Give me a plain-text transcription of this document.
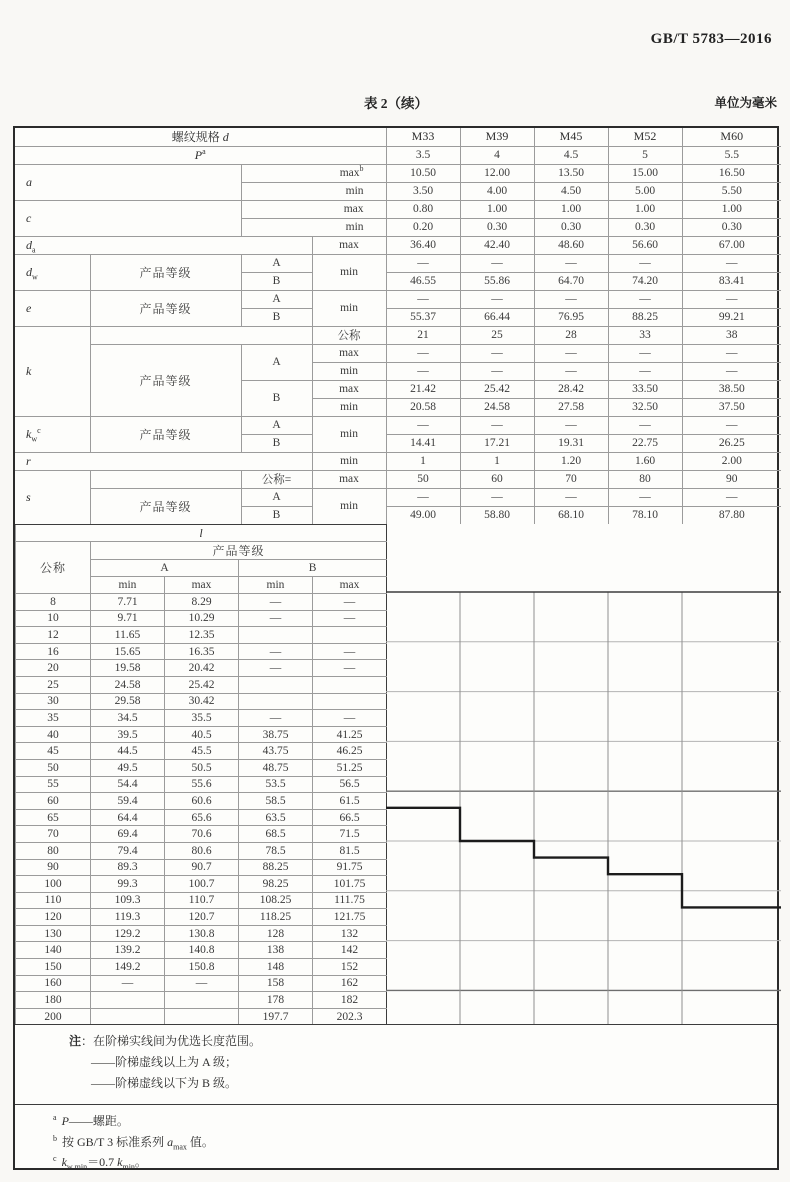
GB/T 5783—2016
表 2（续）	单位为毫米
螺纹规格 d				M33	M39	M45	M52	M60
$P^a$				3.5	4	4.5	5	5.5
a		$\max^b$		10.50	12.00	13.50	15.00	16.50
		min		3.50	4.00	4.50	5.00	5.50
c		max		0.80	1.00	1.00	1.00	1.00
		min		0.20	0.30	0.30	0.30	0.30
$d_a$			max	36.40	42.40	48.60	56.60	67.00
$d_w$	产品等级	A	min	—	—	—	—	—
		B		46.55	55.86	64.70	74.20	83.41
e	产品等级	A	min	—	—	—	—	—
		B		55.37	66.44	76.95	88.25	99.21
k			公称	21	25	28	33	38
	产品等级	A	max	—	—	—	—	—
			min	—	—	—	—	—
		B	max	21.42	25.42	28.42	33.50	38.50
			min	20.58	24.58	27.58	32.50	37.50
$k_w^c$	产品等级	A	min	—	—	—	—	—
		B		14.41	17.21	19.31	22.75	26.25
r			min	1	1	1.20	1.60	2.00
s		公称=	max	50	60	70	80	90
	产品等级	A	min	—	—	—	—	—
		B		49.00	58.80	68.10	78.10	87.80
l				
公称	产品等级			
	A		B	
	min	max	min	max
8	7.71	8.29	—	—
10	9.71	10.29	—	—
12	11.65	12.35		
16	15.65	16.35	—	—
20	19.58	20.42	—	—
25	24.58	25.42		
30	29.58	30.42		
35	34.5	35.5	—	—
40	39.5	40.5	38.75	41.25
45	44.5	45.5	43.75	46.25
50	49.5	50.5	48.75	51.25
55	54.4	55.6	53.5	56.5
60	59.4	60.6	58.5	61.5
65	64.4	65.6	63.5	66.5
70	69.4	70.6	68.5	71.5
80	79.4	80.6	78.5	81.5
90	89.3	90.7	88.25	91.75
100	99.3	100.7	98.25	101.75
110	109.3	110.7	108.25	111.75
120	119.3	120.7	118.25	121.75
130	129.2	130.8	128	132
140	139.2	140.8	138	142
150	149.2	150.8	148	152
160	—	—	158	162
180			178	182
200			197.7	202.3
注：在阶梯实线间为优选长度范围。
——阶梯虚线以上为 A 级；
——阶梯虚线以下为 B 级。
$^a$ P——螺距。
$^b$ 按 GB/T 3 标准系列 $a_{max}$ 值。
$^c$ $k_{w min}=0.7$ $k_{min}$。
